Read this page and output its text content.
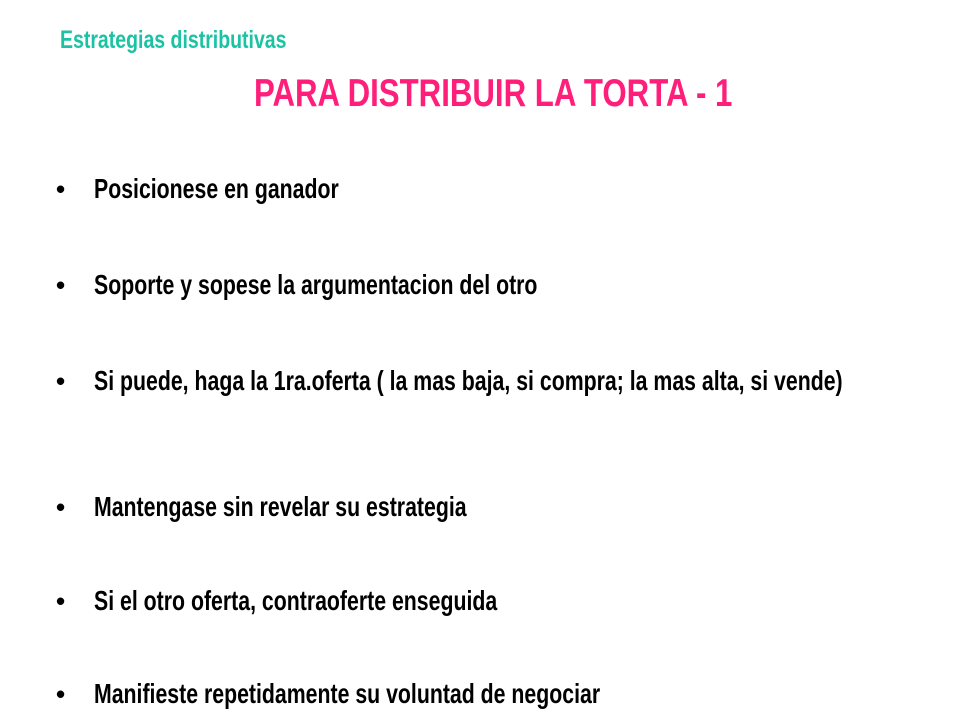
Estrategias distributivas
PARA DISTRIBUIR LA TORTA - 1
•	Posicionese en ganador
•	Soporte y sopese la argumentacion del otro
•	Si puede, haga la 1ra.oferta ( la mas baja, si compra; la mas alta, si vende)
•	Mantengase sin revelar su estrategia
•	Si el otro oferta, contraoferte enseguida
•	Manifieste repetidamente su voluntad de negociar
